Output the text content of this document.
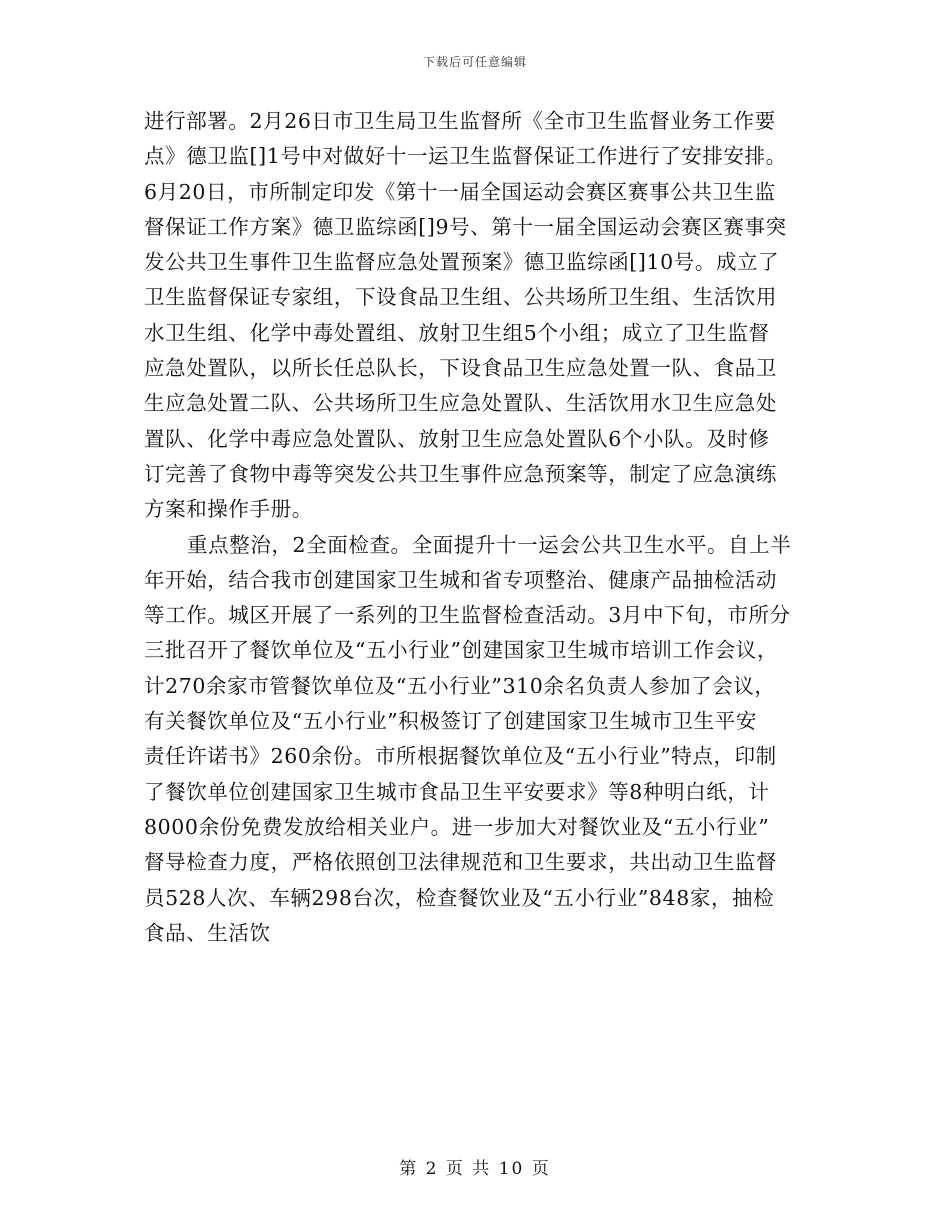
下载后可任意编辑

进行部署。2月26日市卫生局卫生监督所《全市卫生监督业务工作要
点》德卫监[]1号中对做好十一运卫生监督保证工作进行了安排安排。
6月20日，市所制定印发《第十一届全国运动会赛区赛事公共卫生监
督保证工作方案》德卫监综函[]9号、第十一届全国运动会赛区赛事突
发公共卫生事件卫生监督应急处置预案》德卫监综函[]10号。成立了
卫生监督保证专家组，下设食品卫生组、公共场所卫生组、生活饮用
水卫生组、化学中毒处置组、放射卫生组5个小组；成立了卫生监督
应急处置队，以所长任总队长，下设食品卫生应急处置一队、食品卫
生应急处置二队、公共场所卫生应急处置队、生活饮用水卫生应急处
置队、化学中毒应急处置队、放射卫生应急处置队6个小队。及时修
订完善了食物中毒等突发公共卫生事件应急预案等，制定了应急演练
方案和操作手册。

重点整治，2全面检查。全面提升十一运会公共卫生水平。自上半
年开始，结合我市创建国家卫生城和省专项整治、健康产品抽检活动
等工作。城区开展了一系列的卫生监督检查活动。3月中下旬，市所分
三批召开了餐饮单位及“五小行业”创建国家卫生城市培训工作会议，
计270余家市管餐饮单位及“五小行业”310余名负责人参加了会议，
有关餐饮单位及“五小行业”积极签订了创建国家卫生城市卫生平安
责任许诺书》260余份。市所根据餐饮单位及“五小行业”特点，印制
了餐饮单位创建国家卫生城市食品卫生平安要求》等8种明白纸，计
8000余份免费发放给相关业户。进一步加大对餐饮业及“五小行业”
督导检查力度，严格依照创卫法律规范和卫生要求，共出动卫生监督
员528人次、车辆298台次，检查餐饮业及“五小行业”848家，抽检
食品、生活饮

第 2 页 共 10 页
